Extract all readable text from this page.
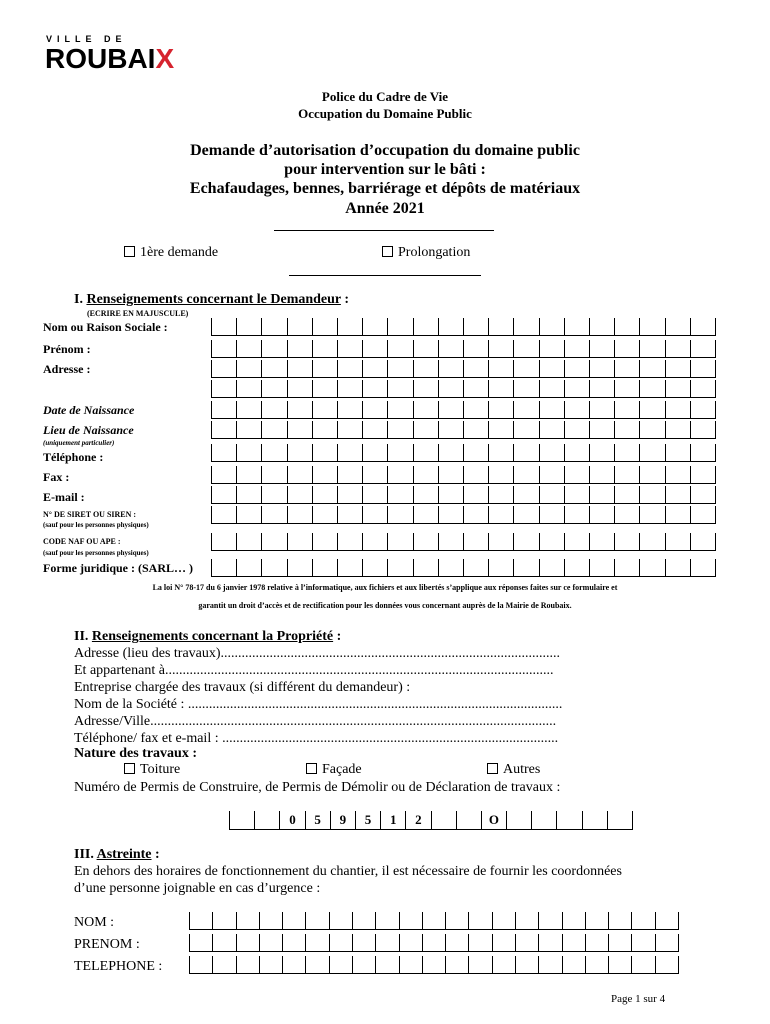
VILLE DE
ROUBAIX
Police du Cadre de Vie
Occupation du Domaine Public
Demande d’autorisation d’occupation du domaine public
pour intervention sur le bâti :
Echafaudages, bennes, barriérage et dépôts de matériaux
Année 2021
1ère demande	Prolongation
I. Renseignements concernant le Demandeur :
(ECRIRE EN MAJUSCULE)
Nom ou Raison Sociale :
Prénom :
Adresse :
Date de Naissance
Lieu de Naissance
(uniquement particulier)
Téléphone :
Fax :
E-mail :
N° DE SIRET OU SIREN :
(sauf pour les personnes physiques)
CODE NAF OU APE :
(sauf pour les personnes physiques)
Forme juridique : (SARL… )
La loi N° 78-17 du 6 janvier 1978 relative à l’informatique, aux fichiers et aux libertés s’applique aux réponses faites sur ce formulaire et
garantit un droit d’accès et de rectification pour les données vous concernant auprès de la Mairie de Roubaix.
II. Renseignements concernant la Propriété :
Adresse (lieu des travaux).................................................................................................
Et appartenant à...............................................................................................................
Entreprise chargée des travaux (si différent du demandeur) :
Nom de la Société : ...........................................................................................................
Adresse/Ville....................................................................................................................
Téléphone/ fax et e-mail : ................................................................................................
Nature des travaux :
Toiture	Façade	Autres
Numéro de Permis de Construire, de Permis de Démolir ou de Déclaration de travaux :
0	5	9	5	1	2	O
III. Astreinte :
En dehors des horaires de fonctionnement du chantier, il est nécessaire de fournir les coordonnées
d’une personne joignable en cas d’urgence :
NOM :
PRENOM :
TELEPHONE :
Page 1 sur 4
